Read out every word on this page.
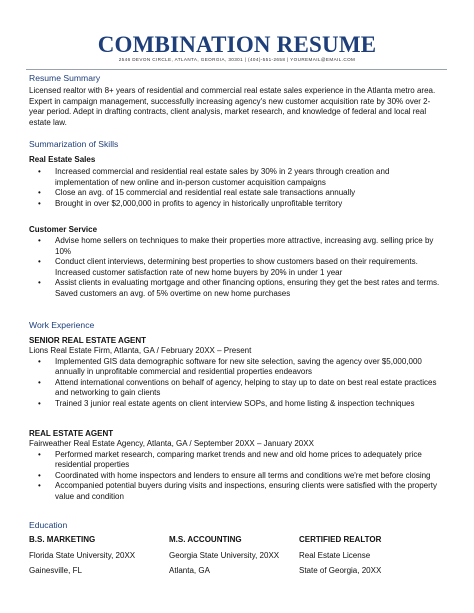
COMBINATION RESUME
2546 DEVON CIRCLE, ATLANTA, GEORGIA, 30301 | (404)-551-2658 | YOUREMAIL@EMAIL.COM
Resume Summary
Licensed realtor with 8+ years of residential and commercial real estate sales experience in the Atlanta metro area. Expert in campaign management, successfully increasing agency's new customer acquisition rate by 30% over 2-year period. Adept in drafting contracts, client analysis, market research, and knowledge of federal and local real estate law.
Summarization of Skills
Real Estate Sales
• Increased commercial and residential real estate sales by 30% in 2 years through creation and implementation of new online and in-person customer acquisition campaigns
• Close an avg. of 15 commercial and residential real estate sale transactions annually
• Brought in over $2,000,000 in profits to agency in historically unprofitable territory
Customer Service
• Advise home sellers on techniques to make their properties more attractive, increasing avg. selling price by 10%
• Conduct client interviews, determining best properties to show customers based on their requirements. Increased customer satisfaction rate of new home buyers by 20% in under 1 year
• Assist clients in evaluating mortgage and other financing options, ensuring they get the best rates and terms. Saved customers an avg. of 5% overtime on new home purchases
Work Experience
SENIOR REAL ESTATE AGENT
Lions Real Estate Firm, Atlanta, GA / February 20XX – Present
• Implemented GIS data demographic software for new site selection, saving the agency over $5,000,000 annually in unprofitable commercial and residential properties endeavors
• Attend international conventions on behalf of agency, helping to stay up to date on best real estate practices and networking to gain clients
• Trained 3 junior real estate agents on client interview SOPs, and home listing & inspection techniques
REAL ESTATE AGENT
Fairweather Real Estate Agency, Atlanta, GA / September 20XX – January 20XX
• Performed market research, comparing market trends and new and old home prices to adequately price residential properties
• Coordinated with home inspectors and lenders to ensure all terms and conditions we're met before closing
• Accompanied potential buyers during visits and inspections, ensuring clients were satisfied with the property value and condition
Education
B.S. MARKETING
Florida State University, 20XX
Gainesville, FL
M.S. ACCOUNTING
Georgia State University, 20XX
Atlanta, GA
CERTIFIED REALTOR
Real Estate License
State of Georgia, 20XX
